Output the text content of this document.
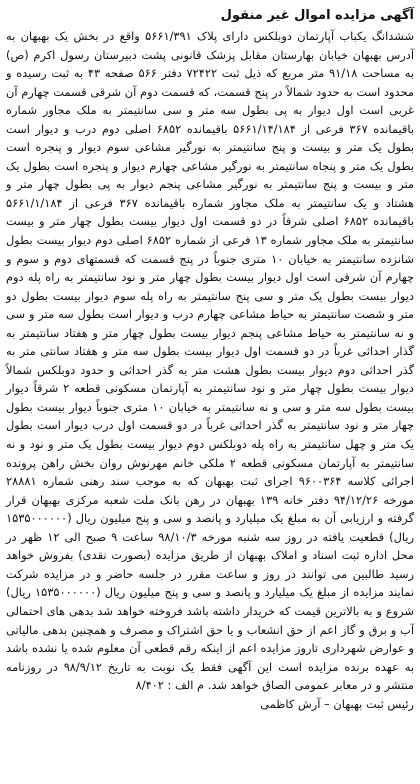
آگهی مزایده اموال غیر منقول

ششدانگ یکباب آپارتمان دوبلکس دارای پلاک ۵۶۶۱/۳۹۱ واقع در بخش یک بهبهان به آدرس بهبهان خیابان بهارستان مقابل پزشک قانونی پشت دبیرستان رسول اکرم (ص) به مساحت ۹۱/۱۸ متر مربع که ذیل ثبت ۷۲۴۲۲ دفتر ۵۶۶ صفحه ۴۳ به ثبت رسیده و محدود است به حدود شمالاً در پنج قسمت، که قسمت دوم آن شرقی قسمت چهارم آن غربی است اول دیوار به پی بطول سه متر و سی سانتیمتر به ملک مجاور شماره باقیمانده ۳۶۷ فرعی از ۵۶۶۱/۱۴/۱۸۴ باقیمانده ۶۸۵۲ اصلی دوم درب و دیوار است بطول یک متر و بیست و پنج سانتیمتر به نورگیر مشاعی سوم دیوار و پنجره است بطول یک متر و پنجاه سانتیمتر به نورگیر مشاعی چهارم دیوار و پنجره است بطول یک متر و بیست و پنج سانتیمتر به نورگیر مشاعی پنجم دیوار به پی بطول چهار متر و هشتاد و یک سانتیمتر به ملک مجاور شماره باقیمانده ۳۶۷ فرعی از ۵۶۶۱/۱/۱۸۴ باقیمانده ۶۸۵۲ اصلی شرقاً در دو قسمت اول دیوار بیست بطول چهار متر و بیست سانتیمتر به ملک مجاور شماره ۱۳ فرعی از شماره ۶۸۵۲ اصلی دوم دیوار بیست بطول شانزده سانتیمتر به خیابان ۱۰ متری جنوباً در پنج قسمت که قسمتهای دوم و سوم و چهارم آن شرقی است اول دیوار بیست بطول چهار متر و نود سانتیمتر به راه پله دوم دیوار بیست بطول یک متر و سی پنج سانتیمتر به راه پله سوم دیوار بیست بطول دو متر و شصت سانتیمتر به حیاط مشاعی چهارم درب و دیوار است بطول سه متر و سی و نه سانتیمتر به حیاط مشاعی پنجم دیوار بیست بطول چهار متر و هفتاد سانتیمتر به گذار احداثی غرباً در دو قسمت اول دیوار بیست بطول سه متر و هفتاد سانتی متر به گذر احداثی دوم دیوار بیست بطول هشت متر به گذر احداثی و حدود دوبلکس شمالاً دیوار بیست بطول چهار متر و نود سانتیمتر به آپارتمان مسکونی قطعه ۲ شرقاً دیوار بیست بطول سه متر و سی و نه سانتیمتر به خیابان ۱۰ متری جنوباً دیوار بیست بطول چهار متر و نود سانتیمتر به گذر احداثی غرباً در دو قسمت اول درب دیوار است بطول یک متر و چهل سانتیمتر به راه پله دوبلکس دوم دیوار بیست بطول یک متر و نود و نه سانتیمتر به آپارتمان مسکونی قطعه ۲ ملکی خانم مهرنوش روان بخش راهن پرونده اجرائی کلاسه ۹۶۰۰۳۶۴ اجرای ثبت بهبهان که به موجب سند رهنی شماره ۲۸۸۸۱ مورخه ۹۴/۱۲/۲۶ دفتر خانه ۱۳۹ بهبهان در رهن بانک ملت شعبه مرکزی بهبهان قرار گرفته و ارزیابی آن به مبلغ یک میلیارد و پانصد و سی و پنج میلیون ریال (۱۵۳۵۰۰۰۰۰۰ ریال) قطعیت یافته در روز سه شنبه مورخه ۹۸/۱۰/۳ ساعت ۹ صبح الی ۱۲ ظهر در محل اداره ثبت اسناد و املاک بهبهان از طریق مزایده (بصورت نقدی) بفروش خواهد رسید طالبین می توانند در روز و ساعت مقرر در جلسه حاضر و در مزایده شرکت نمایند مزایده از مبلغ یک میلیارد و پانصد و سی و پنج میلیون ریال (۱۵۳۵۰۰۰۰۰۰ ریال) شروع و به بالاترین قیمت که خریدار داشته باشد فروخته خواهد شد بدهی های احتمالی آب و برق و گاز اعم از حق انشعاب و یا حق اشتراک و مصرف و همچنین بدهی مالیاتی و عوارض شهرداری تاروز مزایده اعم از اینکه رقم قطعی آن معلوم شده یا نشده باشد به عهده برنده مزایده است این آگهی فقط یک نوبت به تاریخ ۹۸/۹/۱۲ در روزنامه منتشر و در معابر عمومی الصاق خواهد شد. م الف : ۸/۴۰۲

رئیس ثبت بهبهان – آرش کاظمی
